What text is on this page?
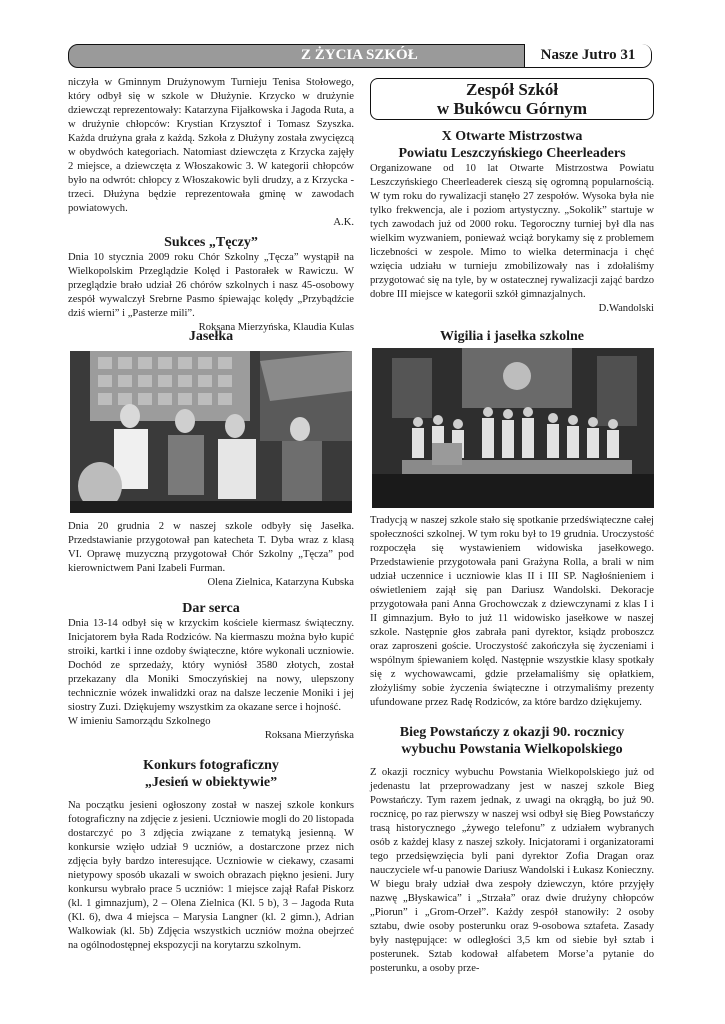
Z ŻYCIA SZKÓŁ	Nasze Jutro 31

niczyła w Gminnym Drużynowym Turnieju Tenisa Stołowego, który odbył się w szkole w Dłużynie. Krzycko w drużynie dziewcząt reprezentowały: Katarzyna Fijałkowska i Jagoda Ruta, a w drużynie chłopców: Krystian Krzysztof i Tomasz Szyszka. Każda drużyna grała z każdą. Szkoła z Dłużyny została zwycięzcą w obydwóch kategoriach. Natomiast dziewczęta z Krzycka zajęły 2 miejsce, a dziewczęta z Włoszakowic 3. W kategorii chłopców było na odwrót: chłopcy z Włoszakowic byli drudzy, a z Krzycka - trzeci. Dłużyna będzie reprezentowała gminę w zawodach powiatowych.

A.K.

Sukces „Tęczy”

Dnia 10 stycznia 2009 roku Chór Szkolny „Tęcza” wystąpił na Wielkopolskim Przeglądzie Kolęd i Pastorałek w Rawiczu. W przeglądzie brało udział 26 chórów szkolnych i nasz 45-osobowy zespół wywalczył Srebrne Pasmo śpiewając kolędy „Przybądźcie dziś wierni” i „Pasterze mili”.

Roksana Mierzyńska, Klaudia Kulas

Jasełka

Dnia 20 grudnia 2 w naszej szkole odbyły się Jasełka. Przedstawianie przygotował pan katecheta T. Dyba wraz z klasą VI. Oprawę muzyczną przygotował Chór Szkolny „Tęcza” pod kierownictwem Pani Izabeli Furman.

Olena Zielnica, Katarzyna Kubska

Dar serca

Dnia 13-14 odbył się w krzyckim kościele kiermasz świąteczny. Inicjatorem była Rada Rodziców. Na kiermaszu można było kupić stroiki, kartki i inne ozdoby świąteczne, które wykonali uczniowie. Dochód ze sprzedaży, który wyniósł 3580 złotych, został przekazany dla Moniki Smoczyńskiej na nowy, ulepszony technicznie wózek inwalidzki oraz na dalsze leczenie Moniki i jej siostry Zuzi. Dziękujemy wszystkim za okazane serce i hojność.

W imieniu Samorządu Szkolnego

Roksana Mierzyńska

Konkurs fotograficzny

„Jesień w obiektywie”

Na początku jesieni ogłoszony został w naszej szkole konkurs fotograficzny na zdjęcie z jesieni. Uczniowie mogli do 20 listopada dostarczyć po 3 zdjęcia związane z tematyką jesienną. W konkursie wzięło udział 9 uczniów, a dostarczone przez nich zdjęcia były bardzo interesujące. Uczniowie w ciekawy, czasami nietypowy sposób ukazali w swoich obrazach piękno jesieni. Jury konkursu wybrało prace 5 uczniów: 1 miejsce zajął Rafał Piskorz (kl. 1 gimnazjum), 2 – Olena Zielnica (Kl. 5 b), 3 – Jagoda Ruta (Kl. 6), dwa 4 miejsca – Marysia Langner (kl. 2 gimn.), Adrian Walkowiak (kl. 5b) Zdjęcia wszystkich uczniów można obejrzeć na ogólnodostępnej ekspozycji na korytarzu szkolnym.

Zespół Szkół
w Bukówcu Górnym

X Otwarte Mistrzostwa

Powiatu Leszczyńskiego Cheerleaders

Organizowane od 10 lat Otwarte Mistrzostwa Powiatu Leszczyńskiego Cheerleaderek cieszą się ogromną popularnością. W tym roku do rywalizacji stanęło 27 zespołów. Wysoka była nie tylko frekwencja, ale i poziom artystyczny. „Sokolik” startuje w tych zawodach już od 2000 roku. Tegoroczny turniej był dla nas wielkim wyzwaniem, ponieważ wciąż borykamy się z problemem liczebności w zespole. Mimo to wielka determinacja i chęć wzięcia udziału w turnieju zmobilizowały nas i zdołaliśmy przygotować się na tyle, by w ostatecznej rywalizacji zająć bardzo dobre III miejsce w kategorii szkół gimnazjalnych.

D.Wandolski

Wigilia i jasełka szkolne

Tradycją w naszej szkole stało się spotkanie przedświąteczne całej społeczności szkolnej. W tym roku był to 19 grudnia. Uroczystość rozpoczęła się wystawieniem widowiska jasełkowego. Przedstawienie przygotowała pani Grażyna Rolla, a brali w nim udział uczennice i uczniowie klas II i III SP. Nagłośnieniem i oświetleniem zajął się pan Dariusz Wandolski. Dekoracje przygotowała pani Anna Grochowczak z dziewczynami z klas I i II gimnazjum. Było to już 11 widowisko jasełkowe w naszej szkole. Następnie głos zabrała pani dyrektor, ksiądz proboszcz oraz zaproszeni goście. Uroczystość zakończyła się życzeniami i wspólnym śpiewaniem kolęd. Następnie wszystkie klasy spotkały się z wychowawcami, gdzie przełamaliśmy się opłatkiem, złożyliśmy sobie życzenia świąteczne i otrzymaliśmy prezenty ufundowane przez Radę Rodziców, za które bardzo dziękujemy.

Bieg Powstańczy z okazji 90. rocznicy

wybuchu Powstania Wielkopolskiego

Z okazji rocznicy wybuchu Powstania Wielkopolskiego już od jedenastu lat przeprowadzany jest w naszej szkole Bieg Powstańczy. Tym razem jednak, z uwagi na okrągłą, bo już 90. rocznicę, po raz pierwszy w naszej wsi odbył się Bieg Powstańczy trasą historycznego „żywego telefonu” z udziałem wybranych osób z każdej klasy z naszej szkoły. Inicjatorami i organizatorami tego przedsięwzięcia byli pani dyrektor Zofia Dragan oraz nauczyciele wf-u panowie Dariusz Wandolski i Łukasz Konieczny. W biegu brały udział dwa zespoły dziewczyn, które przyjęły nazwę „Błyskawica” i „Strzała” oraz dwie drużyny chłopców „Piorun” i „Grom-Orzeł”. Każdy zespół stanowiły: 2 osoby sztabu, dwie osoby posterunku oraz 9-osobowa sztafeta. Zasady były następujące: w odległości 3,5 km od siebie był sztab i posterunek. Sztab kodował alfabetem Morse’a pytanie do posterunku, a osoby prze-
